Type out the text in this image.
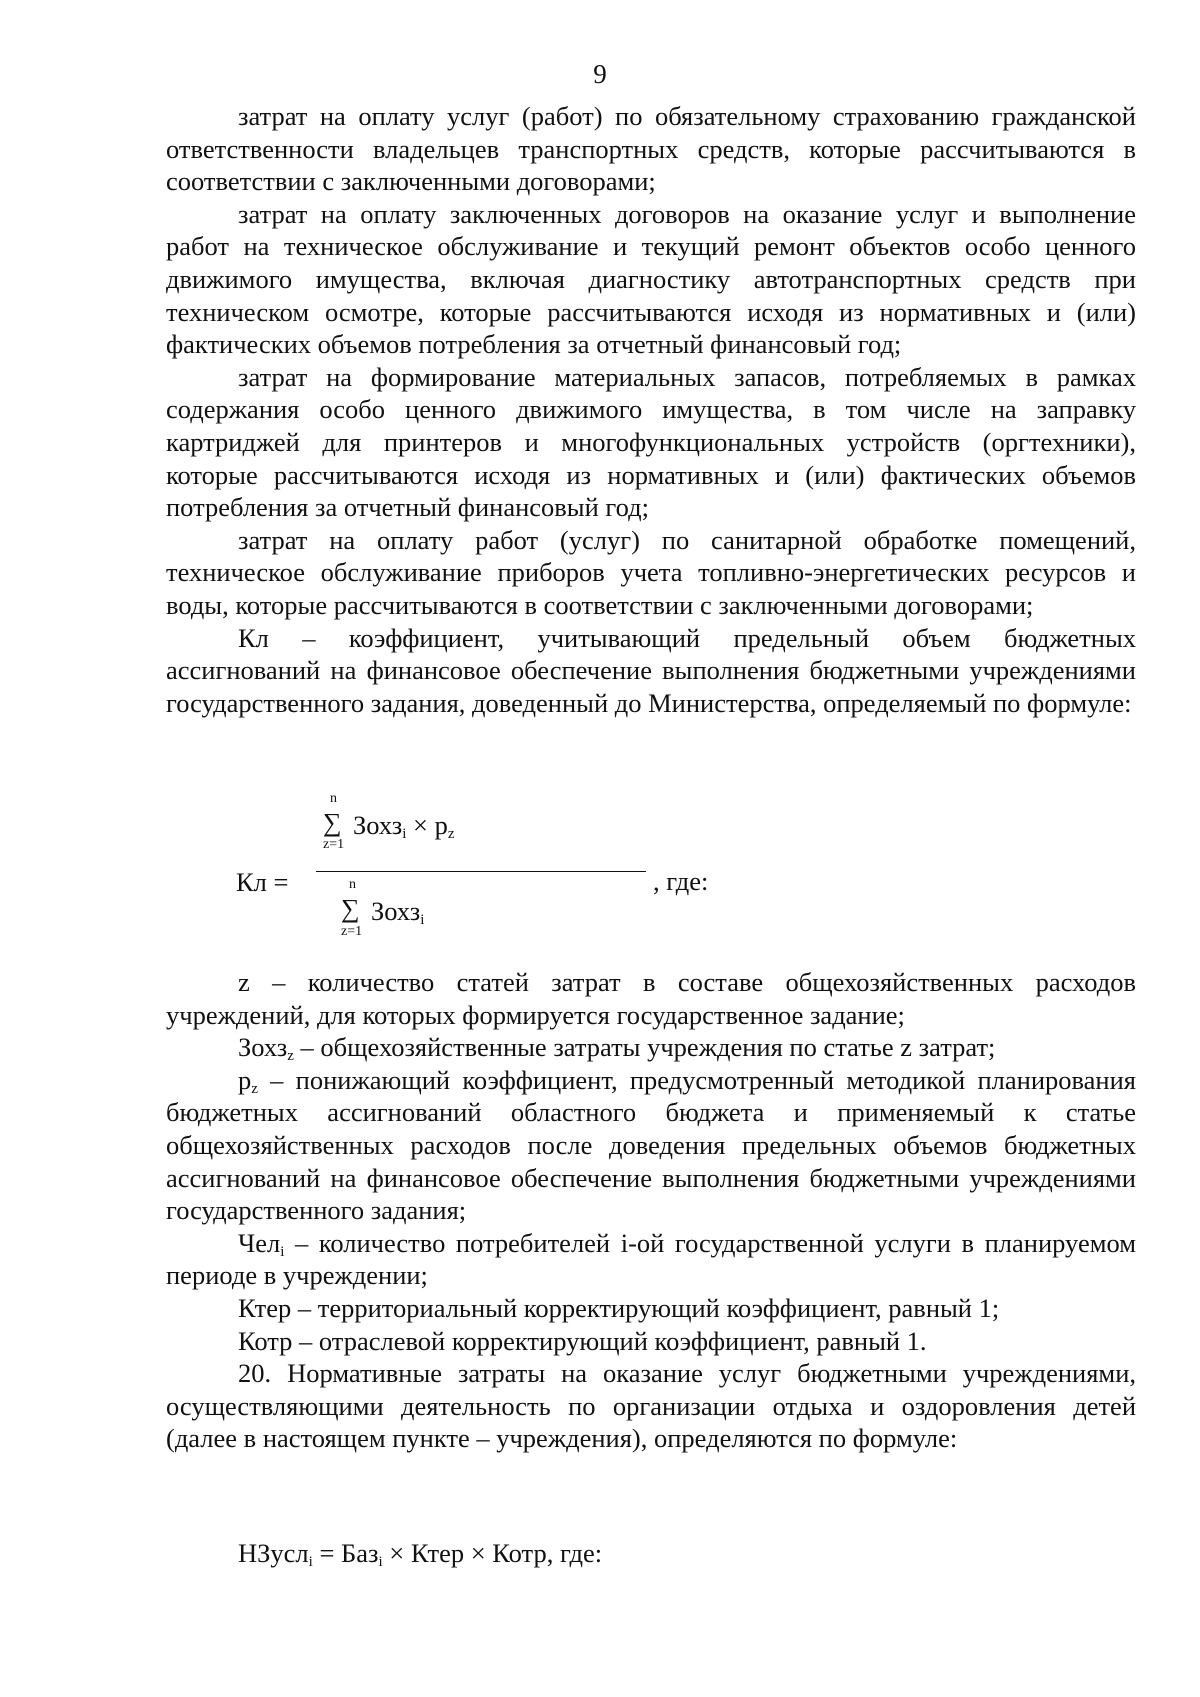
9

затрат на оплату услуг (работ) по обязательному страхованию гражданской ответственности владельцев транспортных средств, которые рассчитываются в соответствии с заключенными договорами;

затрат на оплату заключенных договоров на оказание услуг и выполнение работ на техническое обслуживание и текущий ремонт объектов особо ценного движимого имущества, включая диагностику автотранспортных средств при техническом осмотре, которые рассчитываются исходя из нормативных и (или) фактических объемов потребления за отчетный финансовый год;

затрат на формирование материальных запасов, потребляемых в рамках содержания особо ценного движимого имущества, в том числе на заправку картриджей для принтеров и многофункциональных устройств (оргтехники), которые рассчитываются исходя из нормативных и (или) фактических объемов потребления за отчетный финансовый год;

затрат на оплату работ (услуг) по санитарной обработке помещений, техническое обслуживание приборов учета топливно-энергетических ресурсов и воды, которые рассчитываются в соответствии с заключенными договорами;

Кл – коэффициент, учитывающий предельный объем бюджетных ассигнований на финансовое обеспечение выполнения бюджетными учреждениями государственного задания, доведенный до Министерства, определяемый по формуле:

Кл =
n
∑
z=1
Зохз$_i$ × $p_z$
n
∑
z=1
Зохз$_i$
, где:

z – количество статей затрат в составе общехозяйственных расходов учреждений, для которых формируется государственное задание;

Зохз$_z$ – общехозяйственные затраты учреждения по статье z затрат;

$p_z$ – понижающий коэффициент, предусмотренный методикой планирования бюджетных ассигнований областного бюджета и применяемый к статье общехозяйственных расходов после доведения предельных объемов бюджетных ассигнований на финансовое обеспечение выполнения бюджетными учреждениями государственного задания;

Чел$_i$ – количество потребителей i-ой государственной услуги в планируемом периоде в учреждении;

Ктер – территориальный корректирующий коэффициент, равный 1;

Котр – отраслевой корректирующий коэффициент, равный 1.

20. Нормативные затраты на оказание услуг бюджетными учреждениями, осуществляющими деятельность по организации отдыха и оздоровления детей (далее в настоящем пункте – учреждения), определяются по формуле:

НЗусл$_i$ = Баз$_i$ × Ктер × Котр, где:
